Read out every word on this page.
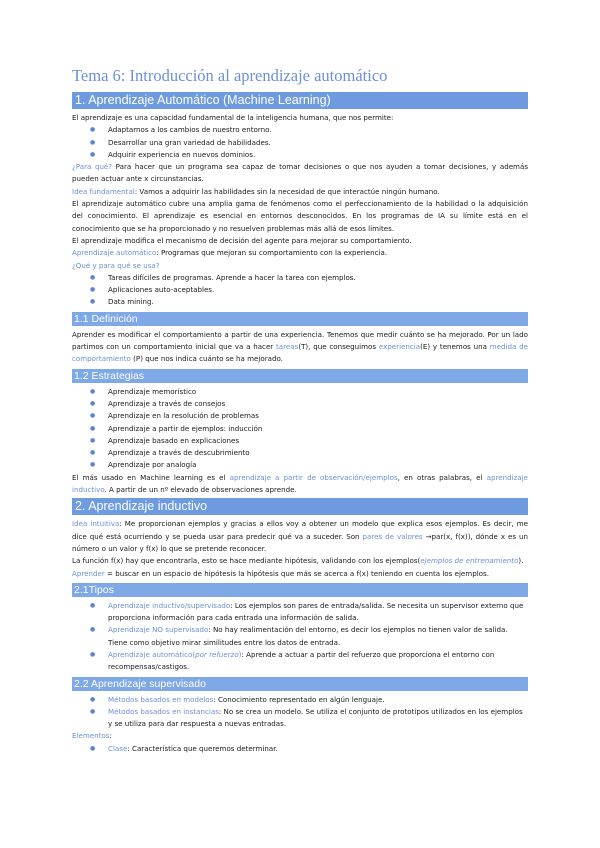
Tema 6: Introducción al aprendizaje automático
1. Aprendizaje Automático (Machine Learning)

El aprendizaje es una capacidad fundamental de la inteligencia humana, que nos permite:

● Adaptarnos a los cambios de nuestro entorno.
● Desarrollar una gran variedad de habilidades.
● Adquirir experiencia en nuevos dominios.

¿Para qué? Para hacer que un programa sea capaz de tomar decisiones o que nos ayuden a tomar decisiones, y además pueden actuar ante x circunstancias.

Idea fundamental: Vamos a adquirir las habilidades sin la necesidad de que interactúe ningún humano.

El aprendizaje automático cubre una amplia gama de fenómenos como el perfeccionamiento de la habilidad o la adquisición del conocimiento. El aprendizaje es esencial en entornos desconocidos. En los programas de IA su límite está en el conocimiento que se ha proporcionado y no resuelven problemas más allá de esos límites.

El aprendizaje modifica el mecanismo de decisión del agente para mejorar su comportamiento.

Aprendizaje automático: Programas que mejoran su comportamiento con la experiencia.

¿Qué y para qué se usa?

● Tareas difíciles de programas. Aprende a hacer la tarea con ejemplos.
● Aplicaciones auto-aceptables.
● Data mining.
1.1 Definición

Aprender es modificar el comportamiento a partir de una experiencia. Tenemos que medir cuánto se ha mejorado. Por un lado partimos con un comportamiento inicial que va a hacer tareas(T), que conseguimos experiencia(E) y tenemos una medida de comportamiento (P) que nos indica cuánto se ha mejorado.

1.2 Estrategias
● Aprendizaje memorístico
● Aprendizaje a través de consejos
● Aprendizaje en la resolución de problemas
● Aprendizaje a partir de ejemplos: inducción
● Aprendizaje basado en explicaciones
● Aprendizaje a través de descubrimiento
● Aprendizaje por analogía

El más usado en Machine learning es el aprendizaje a partir de observación/ejemplos, en otras palabras, el aprendizaje inductivo. A partir de un nº elevado de observaciones aprende.

2. Aprendizaje inductivo

Idea intuitiva: Me proporcionan ejemplos y gracias a ellos voy a obtener un modelo que explica esos ejemplos. Es decir, me dice qué está ocurriendo y se pueda usar para predecir qué va a suceder. Son pares de valores →par(x, f(x)), dónde x es un número o un valor y f(x) lo que se pretende reconocer.

La función f(x) hay que encontrarla, esto se hace mediante hipótesis, validando con los ejemplos(ejemplos de entrenamiento).

Aprender = buscar en un espacio de hipótesis la hipótesis que más se acerca a f(x) teniendo en cuenta los ejemplos.

2.1Tipos
● Aprendizaje inductivo/supervisado: Los ejemplos son pares de entrada/salida. Se necesita un supervisor externo que proporciona información para cada entrada una información de salida.
● Aprendizaje NO supervisado: No hay realimentación del entorno, es decir los ejemplos no tienen valor de salida. Tiene como objetivo mirar similitudes entre los datos de entrada.
● Aprendizaje automático(por refuerzo): Aprende a actuar a partir del refuerzo que proporciona el entorno con recompensas/castigos.
2.2 Aprendizaje supervisado
● Métodos basados en modelos: Conocimiento representado en algún lenguaje.
● Métodos basados en instancias: No se crea un modelo. Se utiliza el conjunto de prototipos utilizados en los ejemplos y se utiliza para dar respuesta a nuevas entradas.

Elementos:

● Clase: Característica que queremos determinar.
